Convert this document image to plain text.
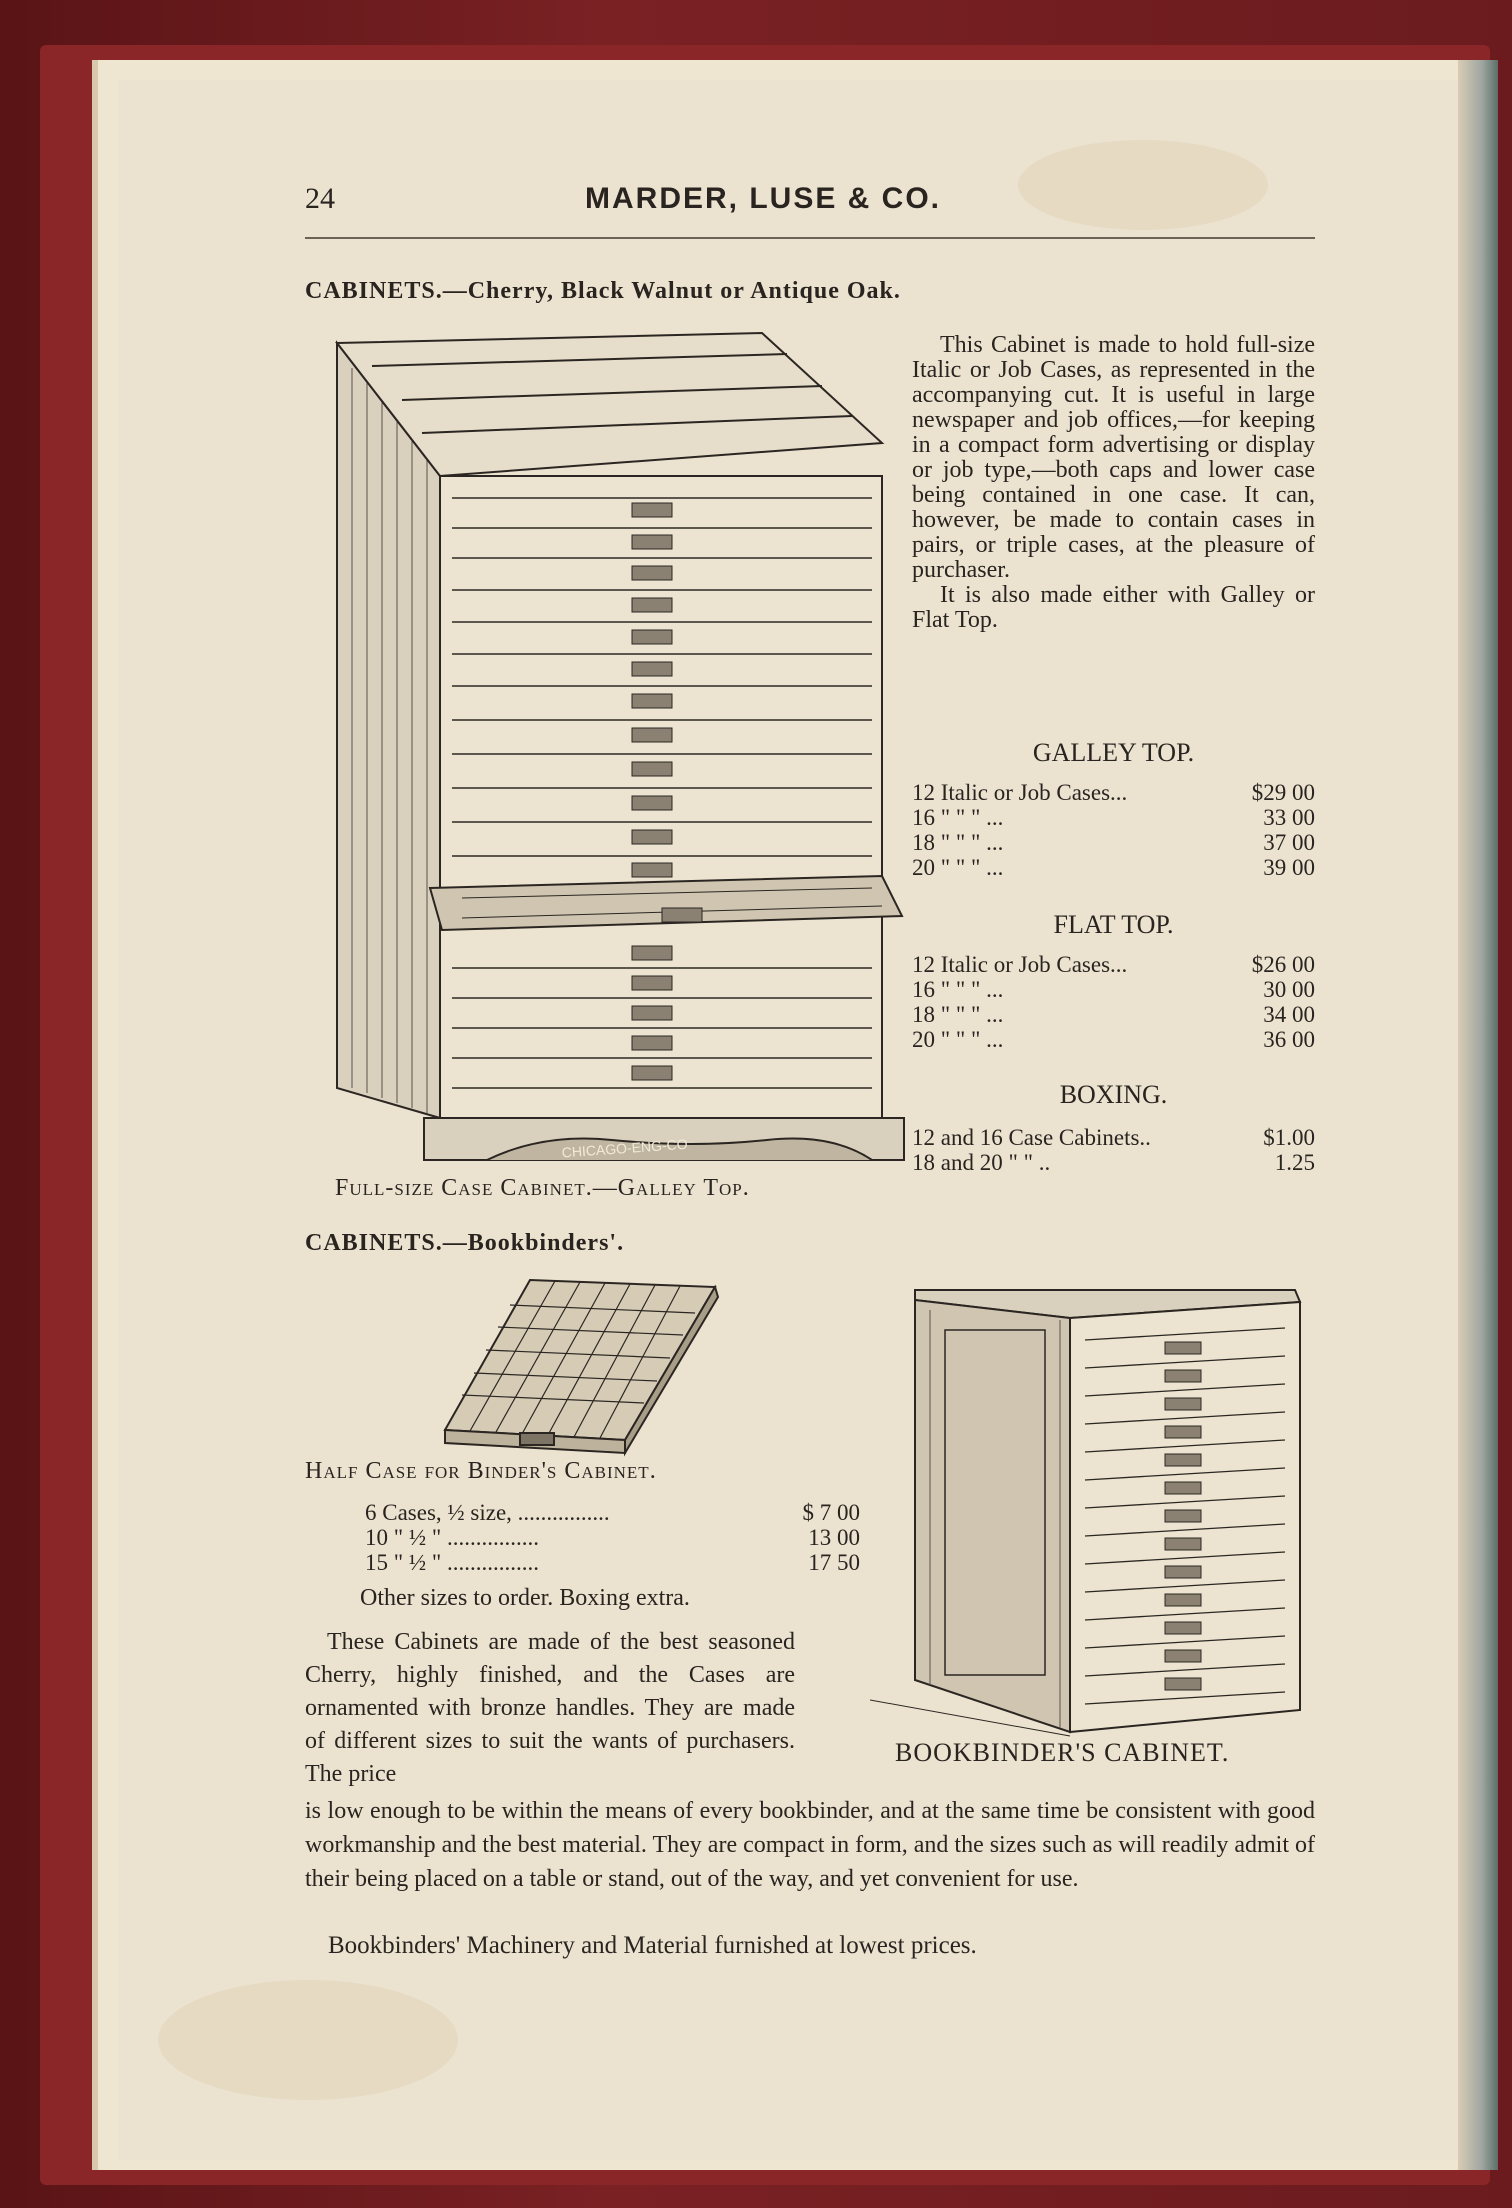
24	MARDER, LUSE & CO.
CABINETS.—Cherry, Black Walnut or Antique Oak.
CHICAGO-ENG-CO
This Cabinet is made to hold full-size Italic or Job Cases, as represented in the accompanying cut. It is useful in large newspaper and job offices,—for keeping in a compact form advertising or display or job type,—both caps and lower case being contained in one case. It can, however, be made to contain cases in pairs, or triple cases, at the pleasure of purchaser.
It is also made either with Galley or Flat Top.
GALLEY TOP.
12 Italic or Job Cases...	$29 00
16 " " " ...	33 00
18 " " " ...	37 00
20 " " " ...	39 00
FLAT TOP.
12 Italic or Job Cases...	$26 00
16 " " " ...	30 00
18 " " " ...	34 00
20 " " " ...	36 00
BOXING.
12 and 16 Case Cabinets..	$1.00
18 and 20 " " ..	1.25
Full-size Case Cabinet.—Galley Top.
CABINETS.—Bookbinders'.
Half Case for Binder's Cabinet.
6 Cases, ½ size, ................	$ 7 00
10 " ½ " ................	13 00
15 " ½ " ................	17 50
Other sizes to order. Boxing extra.
These Cabinets are made of the best seasoned Cherry, highly finished, and the Cases are ornamented with bronze handles. They are made of different sizes to suit the wants of purchasers. The price
BOOKBINDER'S CABINET.
is low enough to be within the means of every bookbinder, and at the same time be consistent with good workmanship and the best material. They are compact in form, and the sizes such as will readily admit of their being placed on a table or stand, out of the way, and yet convenient for use.
Bookbinders' Machinery and Material furnished at lowest prices.
